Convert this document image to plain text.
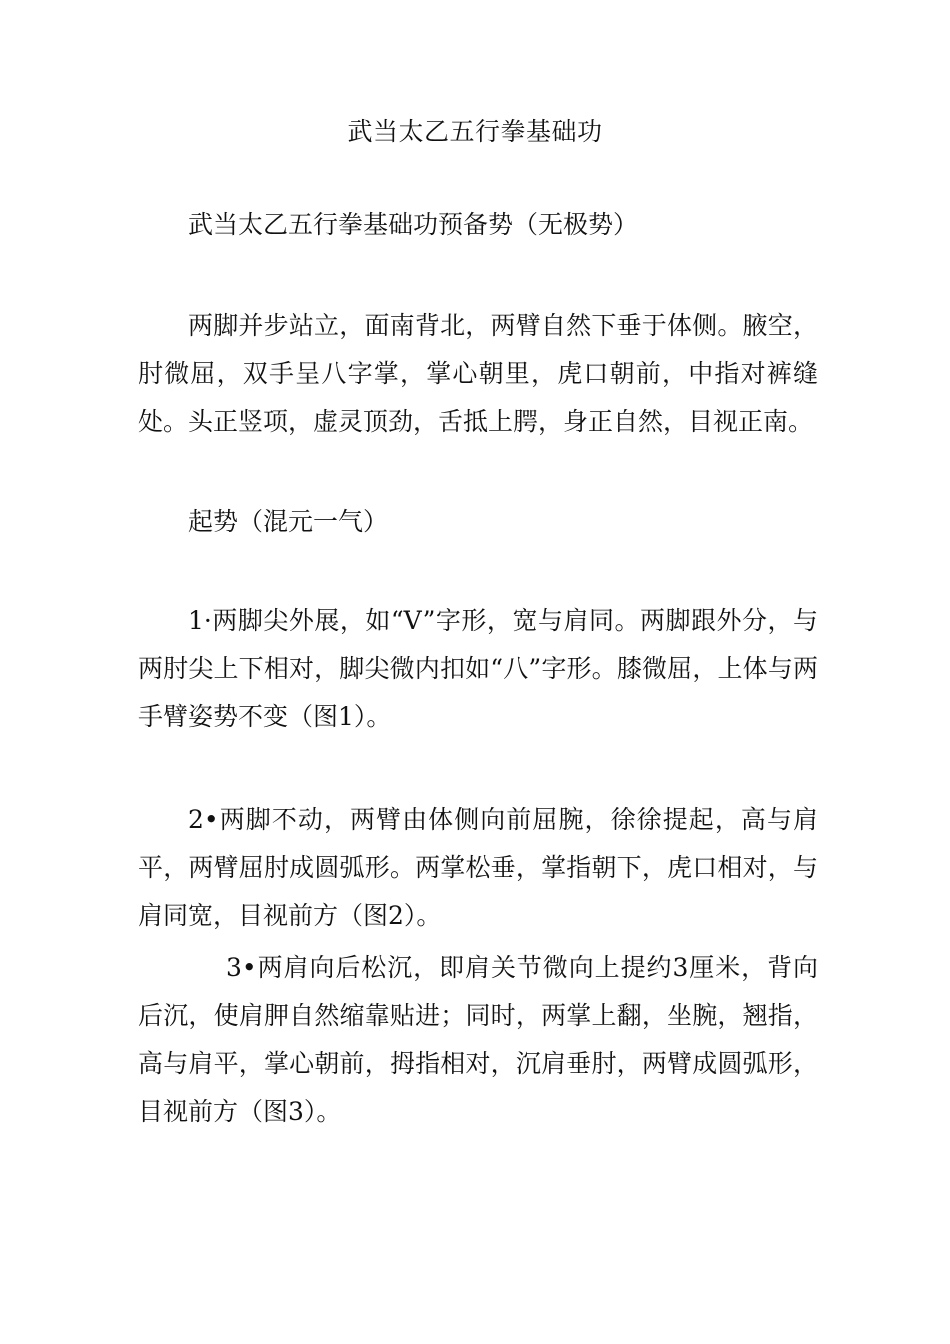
武当太乙五行拳基础功
武当太乙五行拳基础功预备势（无极势）
两脚并步站立，面南背北，两臂自然下垂于体侧。腋空，肘微屈，双手呈八字掌，掌心朝里，虎口朝前，中指对裤缝处。头正竖项，虚灵顶劲，舌抵上腭，身正自然，目视正南。
起势（混元一气）
1·两脚尖外展，如“V”字形，宽与肩同。两脚跟外分，与两肘尖上下相对，脚尖微内扣如“八”字形。膝微屈，上体与两手臂姿势不变（图1）。
2•两脚不动，两臂由体侧向前屈腕，徐徐提起，高与肩平，两臂屈肘成圆弧形。两掌松垂，掌指朝下，虎口相对，与肩同宽，目视前方（图2）。
3•两肩向后松沉，即肩关节微向上提约3厘米，背向后沉，使肩胛自然缩靠贴进；同时，两掌上翻，坐腕，翘指，高与肩平，掌心朝前，拇指相对，沉肩垂肘，两臂成圆弧形，目视前方（图3）。
